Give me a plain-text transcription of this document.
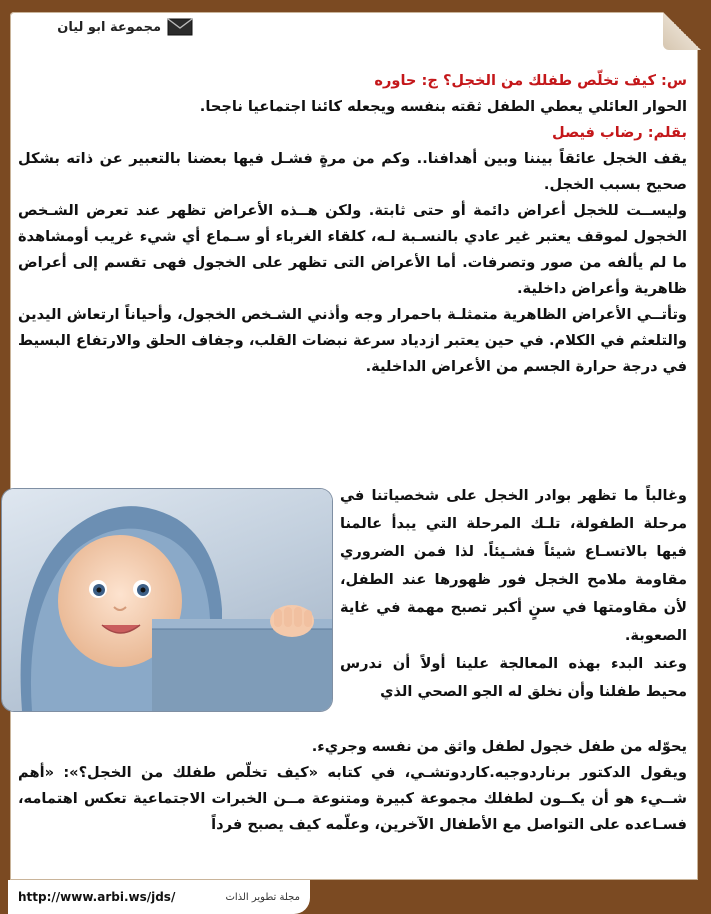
مجموعة ابو ليان

س: كيف تخلّص طفلك من الخجل؟ ج: حاوره

الحوار العائلي يعطي الطفل ثقته بنفسه ويجعله كائنا اجتماعيا ناجحا.

بقلم: رضاب فيصل

يقف الخجل عائقاً بيننا وبين أهدافنا.. وكم من مرةٍ فشـل فيها بعضنا بالتعبير عن ذاته بشكل صحيح بسبب الخجل.

وليســت للخجل أعراض دائمة أو حتى ثابتة. ولكن هــذه الأعراض تظهر عند تعرض الشـخص الخجول لموقف يعتبر غير عادي بالنسـبة لـه، كلقاء الغرباء أو سـماع أي شيء غريب أومشاهدة ما لم يألفه من صور وتصرفات. أما الأعراض التى تظهر على الخجول فهى تقسم إلى أعراض ظاهرية وأعراض داخلية.

وتأتــي الأعراض الظاهرية متمثلـة باحمرار وجه وأذني الشـخص الخجول، وأحياناً ارتعاش اليدين والتلعثم في الكلام. في حين يعتبر ازدياد سرعة نبضات القلب، وجفاف الحلق والارتفاع البسيط في درجة حرارة الجسم من الأعراض الداخلية.

وغالباً ما تظهر بوادر الخجل على شخصياتنا في مرحلة الطفولة، تلـك المرحلة التي يبدأ عالمنا فيها بالاتسـاع شيئاً فشـيئاً. لذا فمن الضروري مقاومة ملامح الخجل فور ظهورها عند الطفل، لأن مقاومتها في سنٍ أكبر تصبح مهمة في غاية الصعوبة.

وعند البدء بهذه المعالجة علينا أولاً أن ندرس محيط طفلنا وأن نخلق له الجو الصحي الذي

يحوّله من طفل خجول لطفل واثق من نفسه وجريء.

ويقول الدكتور برناردوجيه.كاردوتشـي، في كتابه «كيف تخلّص طفلك من الخجل؟»: «أهم شــيء هو أن يكــون لطفلك مجموعة كبيرة ومتنوعة مــن الخبرات الاجتماعية تعكس اهتمامه، فسـاعده على التواصل مع الأطفال الآخرين، وعلّمه كيف يصبح فرداً

http://www.arbi.ws/jds/	مجلة تطوير الذات
